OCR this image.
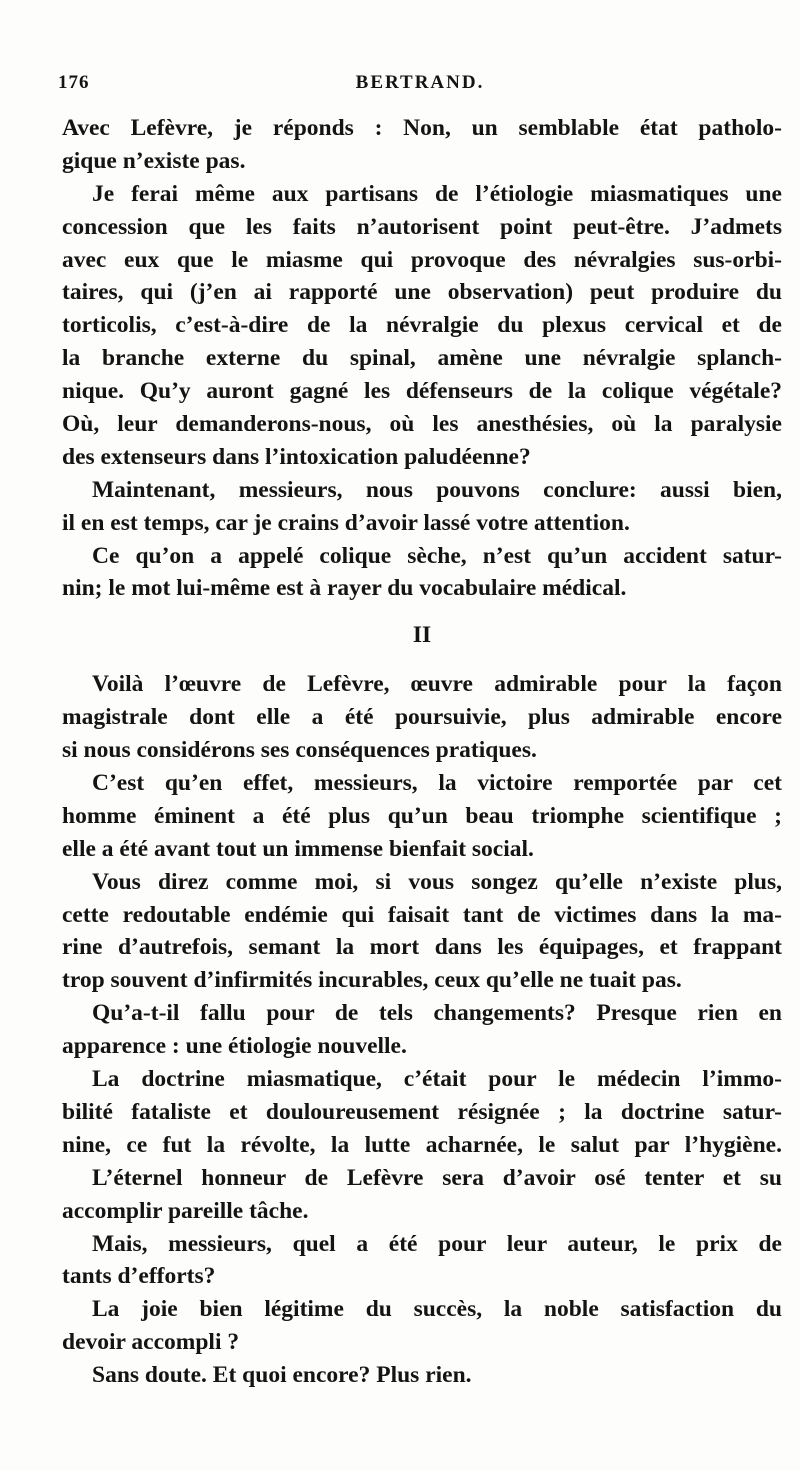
176	BERTRAND.
Avec Lefèvre, je réponds : Non, un semblable état patholo-
gique n’existe pas.
Je ferai même aux partisans de l’étiologie miasmatiques une
concession que les faits n’autorisent point peut-être. J’admets
avec eux que le miasme qui provoque des névralgies sus-orbi-
taires, qui (j’en ai rapporté une observation) peut produire du
torticolis, c’est-à-dire de la névralgie du plexus cervical et de
la branche externe du spinal, amène une névralgie splanch-
nique. Qu’y auront gagné les défenseurs de la colique végétale?
Où, leur demanderons-nous, où les anesthésies, où la paralysie
des extenseurs dans l’intoxication paludéenne?
Maintenant, messieurs, nous pouvons conclure: aussi bien,
il en est temps, car je crains d’avoir lassé votre attention.
Ce qu’on a appelé colique sèche, n’est qu’un accident satur-
nin; le mot lui-même est à rayer du vocabulaire médical.
II
Voilà l’œuvre de Lefèvre, œuvre admirable pour la façon
magistrale dont elle a été poursuivie, plus admirable encore
si nous considérons ses conséquences pratiques.
C’est qu’en effet, messieurs, la victoire remportée par cet
homme éminent a été plus qu’un beau triomphe scientifique ;
elle a été avant tout un immense bienfait social.
Vous direz comme moi, si vous songez qu’elle n’existe plus,
cette redoutable endémie qui faisait tant de victimes dans la ma-
rine d’autrefois, semant la mort dans les équipages, et frappant
trop souvent d’infirmités incurables, ceux qu’elle ne tuait pas.
Qu’a-t-il fallu pour de tels changements? Presque rien en
apparence : une étiologie nouvelle.
La doctrine miasmatique, c’était pour le médecin l’immo-
bilité fataliste et douloureusement résignée ; la doctrine satur-
nine, ce fut la révolte, la lutte acharnée, le salut par l’hygiène.
L’éternel honneur de Lefèvre sera d’avoir osé tenter et su
accomplir pareille tâche.
Mais, messieurs, quel a été pour leur auteur, le prix de
tants d’efforts?
La joie bien légitime du succès, la noble satisfaction du
devoir accompli ?
Sans doute. Et quoi encore? Plus rien.
